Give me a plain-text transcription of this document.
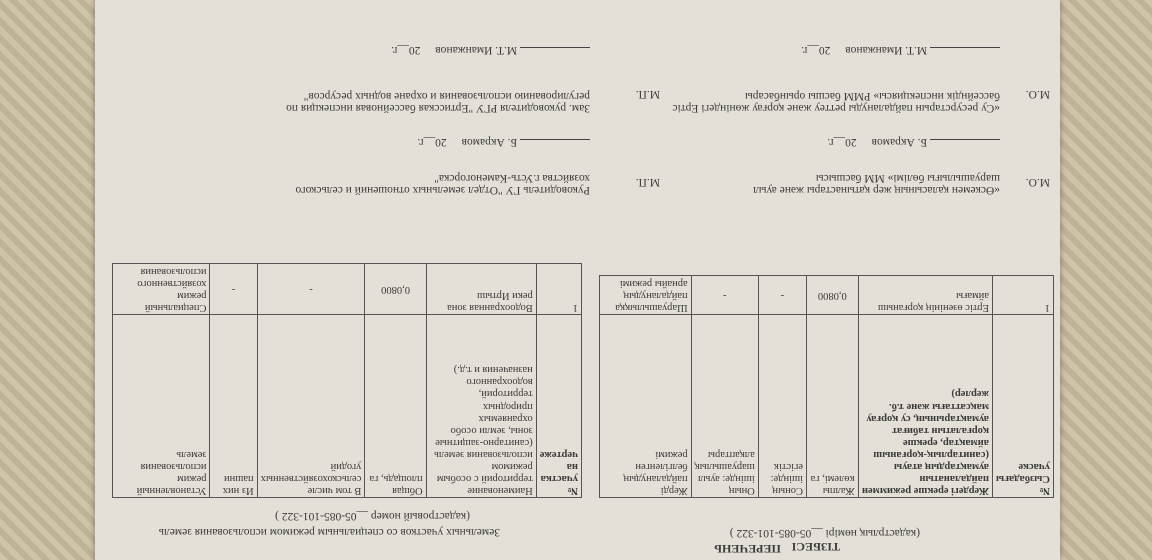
ПЕРЕЧЕНЬ ТІЗБЕСІ
(кадастрлық нөмірі __05-085-101-322 )
Земельных участков со специальным режимом использования земель
(кадастровый номер __05-085-101-322 )
№ Сызбадағы учаске	Жердегі ерекше режиммен пайдаланатын аумақтардың атауы (санитарлық-қорғаныш аймақтар, ерекше қорғалатын табиғат аумақтарының, су қорғау мақсаттағы және т.б. жерлер)	Жалпы көлемі, га	Соның ішінде: егістік	Оның ішінде: ауыл шаруашылық алқаптары	Жерді пайдаланудың белгіленген режимі
1	Ертіс өзенінің қорғаныш аймағы	0,0800	-	-	Шаруашылыққа пайдаланудың арнайы режимі
№ участка на чертеже	Наименование территорий с особым режимом использования земель (санитарно-защитные зоны, земли особо охраняемых природных территорий, водоохранного назначения и т.д.)	Общая площадь, га	В том числе сельскохозяйственных угодий	Из них пашни	Установленный режим использования земель
1	Водоохранная зона реки Иртыш	0,0800	-	-	Специальный режим хозяйственного использования
М.О.
«Өскемен қаласының жер қатынастары және ауыл шаруашылығы бөлімі» ММ басшысы
Б. Акрамов 20__г.
М.П.
Руководитель ГУ "Отдел земельных отношений и сельского хозяйства г.Усть-Каменогорска"
Б. Акрамов 20__г.
М.О.
«Су ресурстарын пайдалануды реттеу және қорғау жөніндегі Ертіс бассейндік инспекциясы» РММ басшы орынбасары
М.Т. Иманжанов 20__г.
М.П.
Зам. руководителя РГУ "Ертисская бассейновая инспекция по регулированию использования и охране водных ресурсов"
М.Т. Иманжанов 20__г.
